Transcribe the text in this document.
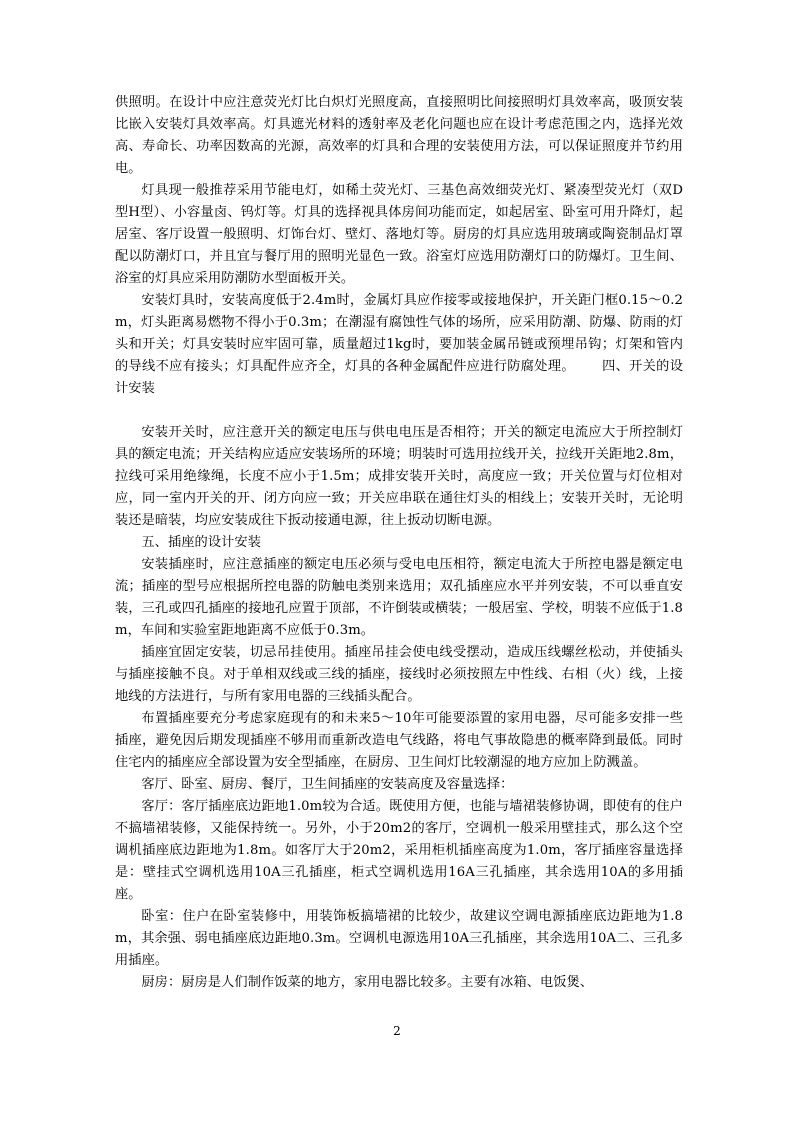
供照明。在设计中应注意荧光灯比白炽灯光照度高，直接照明比间接照明灯具效率高，吸顶安装比嵌入安装灯具效率高。灯具遮光材料的透射率及老化问题也应在设计考虑范围之内，选择光效高、寿命长、功率因数高的光源，高效率的灯具和合理的安装使用方法，可以保证照度并节约用电。

灯具现一般推荐采用节能电灯，如稀土荧光灯、三基色高效细荧光灯、紧凑型荧光灯（双D型H型）、小容量卤、钨灯等。灯具的选择视具体房间功能而定，如起居室、卧室可用升降灯，起居室、客厅设置一般照明、灯饰台灯、壁灯、落地灯等。厨房的灯具应选用玻璃或陶瓷制品灯罩配以防潮灯口，并且宜与餐厅用的照明光显色一致。浴室灯应选用防潮灯口的防爆灯。卫生间、浴室的灯具应采用防潮防水型面板开关。

安装灯具时，安装高度低于2.4m时，金属灯具应作接零或接地保护，开关距门框0.15～0.2m，灯头距离易燃物不得小于0.3m；在潮湿有腐蚀性气体的场所，应采用防潮、防爆、防雨的灯头和开关；灯具安装时应牢固可靠，质量超过1kg时，要加装金属吊链或预埋吊钩；灯架和管内的导线不应有接头；灯具配件应齐全，灯具的各种金属配件应进行防腐处理。 四、开关的设计安装

安装开关时，应注意开关的额定电压与供电电压是否相符；开关的额定电流应大于所控制灯具的额定电流；开关结构应适应安装场所的环境；明装时可选用拉线开关，拉线开关距地2.8m，拉线可采用绝缘绳，长度不应小于1.5m；成排安装开关时，高度应一致；开关位置与灯位相对应，同一室内开关的开、闭方向应一致；开关应串联在通往灯头的相线上；安装开关时，无论明装还是暗装，均应安装成往下扳动接通电源，往上扳动切断电源。

五、插座的设计安装

安装插座时，应注意插座的额定电压必须与受电电压相符，额定电流大于所控电器是额定电流；插座的型号应根据所控电器的防触电类别来选用；双孔插座应水平并列安装，不可以垂直安装，三孔或四孔插座的接地孔应置于顶部，不许倒装或横装；一般居室、学校，明装不应低于1.8m，车间和实验室距地距离不应低于0.3m。

插座宜固定安装，切忌吊挂使用。插座吊挂会使电线受摆动，造成压线螺丝松动，并使插头与插座接触不良。对于单相双线或三线的插座，接线时必须按照左中性线、右相（火）线，上接地线的方法进行，与所有家用电器的三线插头配合。

布置插座要充分考虑家庭现有的和未来5～10年可能要添置的家用电器，尽可能多安排一些插座，避免因后期发现插座不够用而重新改造电气线路，将电气事故隐患的概率降到最低。同时住宅内的插座应全部设置为安全型插座，在厨房、卫生间灯比较潮湿的地方应加上防溅盖。

客厅、卧室、厨房、餐厅，卫生间插座的安装高度及容量选择：

客厅：客厅插座底边距地1.0m较为合适。既使用方便，也能与墙裙装修协调，即使有的住户不搞墙裙装修，又能保持统一。另外，小于20m2的客厅，空调机一般采用壁挂式，那么这个空调机插座底边距地为1.8m。如客厅大于20m2，采用柜机插座高度为1.0m，客厅插座容量选择是：壁挂式空调机选用10A三孔插座，柜式空调机选用16A三孔插座，其余选用10A的多用插座。

卧室：住户在卧室装修中，用装饰板搞墙裙的比较少，故建议空调电源插座底边距地为1.8m，其余强、弱电插座底边距地0.3m。空调机电源选用10A三孔插座，其余选用10A二、三孔多用插座。

厨房：厨房是人们制作饭菜的地方，家用电器比较多。主要有冰箱、电饭煲、

2
